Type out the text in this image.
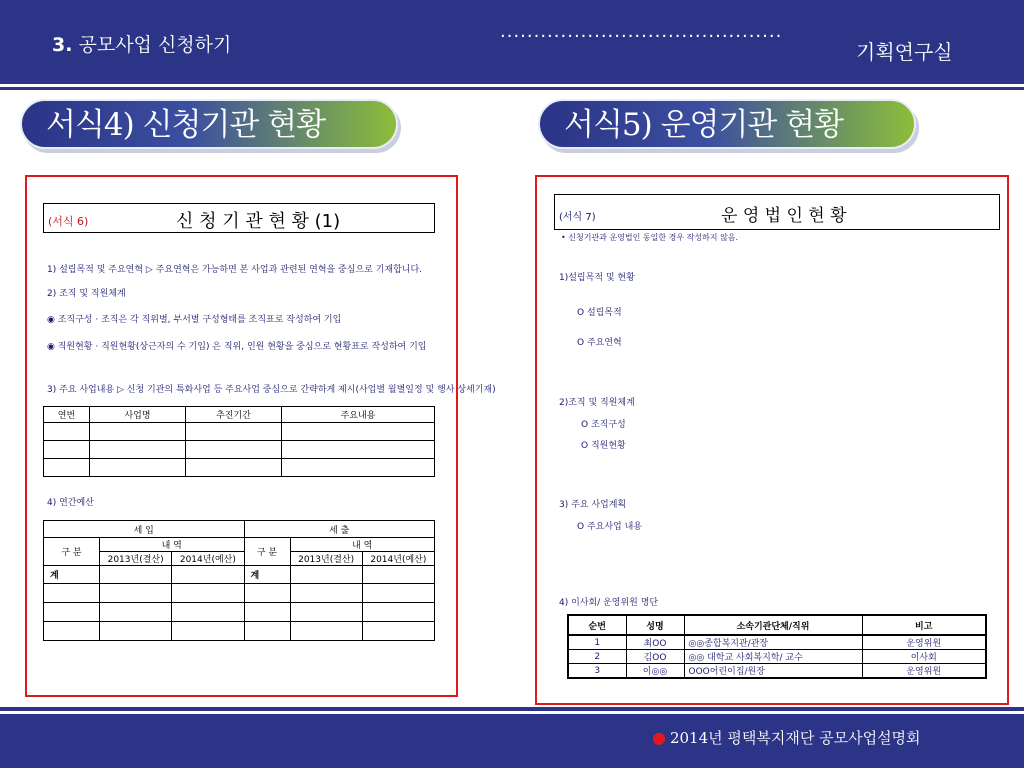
3. 공모사업 신청하기	··········································
기획연구실
서식4) 신청기관 현황	서식5) 운영기관 현황
(서식 6)	신 청 기 관 현 황 (1)
1) 설립목적 및 주요연혁 ▷ 주요연혁은 가능하면 본 사업과 관련된 연혁을 중심으로 기재합니다.
2) 조직 및 직원체계
◉ 조직구성 · 조직은 각 직위별, 부서별 구성형태를 조직표로 작성하여 기입
◉ 직원현황 · 직원현황(상근자의 수 기입) 은 직위, 인원 현황을 중심으로 현황표로 작성하여 기입
3) 주요 사업내용 ▷ 신청 기관의 특화사업 등 주요사업 중심으로 간략하게 제시(사업별 월별일정 및 행사 상세기재)
연번	사업명	추진기간	주요내용

4) 연간예산
세 입			세 출		
구 분	내 역		구 분	내 역	
	2013년(결산)	2014년(예산)		2013년(결산)	2014년(예산)
계			계		

(서식 7)	운 영 법 인 현 황
• 신청기관과 운영법인 동일한 경우 작성하지 않음.
1)설립목적 및 현황
O 설립목적
O 주요연혁
2)조직 및 직원체계
O 조직구성
O 직원현황
3) 주요 사업계획
O 주요사업 내용
4) 이사회/ 운영위원 명단
순번	성명	소속기관단체/직위	비고
1	최OO	◎◎종합복지관/관장	운영위원
2	김OO	◎◎ 대학교 사회복지학/ 교수	이사회
3	이◎◎	OOO어린이집/원장	운영위원
● 2014년 평택복지재단 공모사업설명회
